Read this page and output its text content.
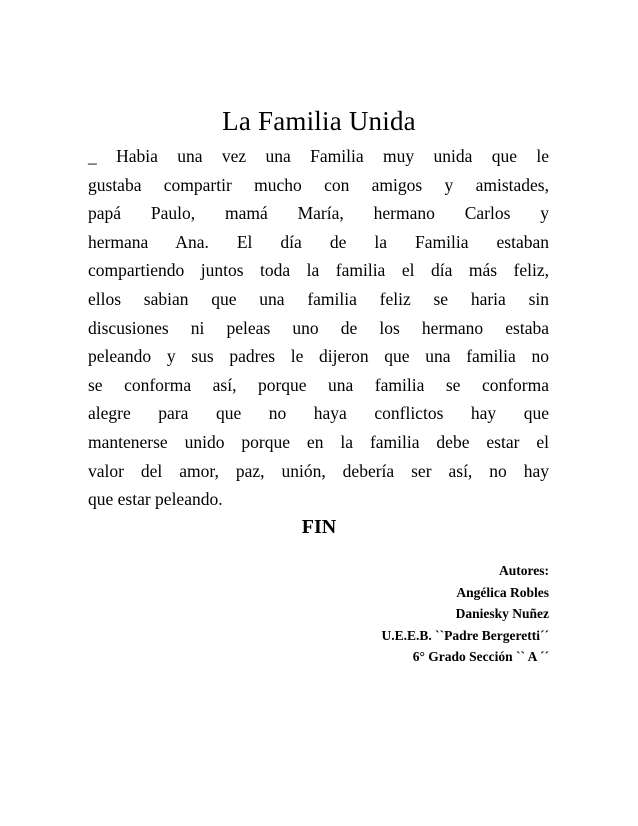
La Familia Unida
_ Habia una vez una Familia muy unida que le
gustaba compartir mucho con amigos y amistades,
papá Paulo, mamá María, hermano Carlos y
hermana Ana. El día de la Familia estaban
compartiendo juntos toda la familia el día más feliz,
ellos sabian que una familia feliz se haria sin
discusiones ni peleas uno de los hermano estaba
peleando y sus padres le dijeron que una familia no
se conforma así, porque una familia se conforma
alegre para que no haya conflictos hay que
mantenerse unido porque en la familia debe estar el
valor del amor, paz, unión, debería ser así, no hay
que estar peleando.
FIN
Autores:
Angélica Robles
Daniesky Nuñez
U.E.E.B. ``Padre Bergeretti´´
6° Grado Sección `` A ´´
